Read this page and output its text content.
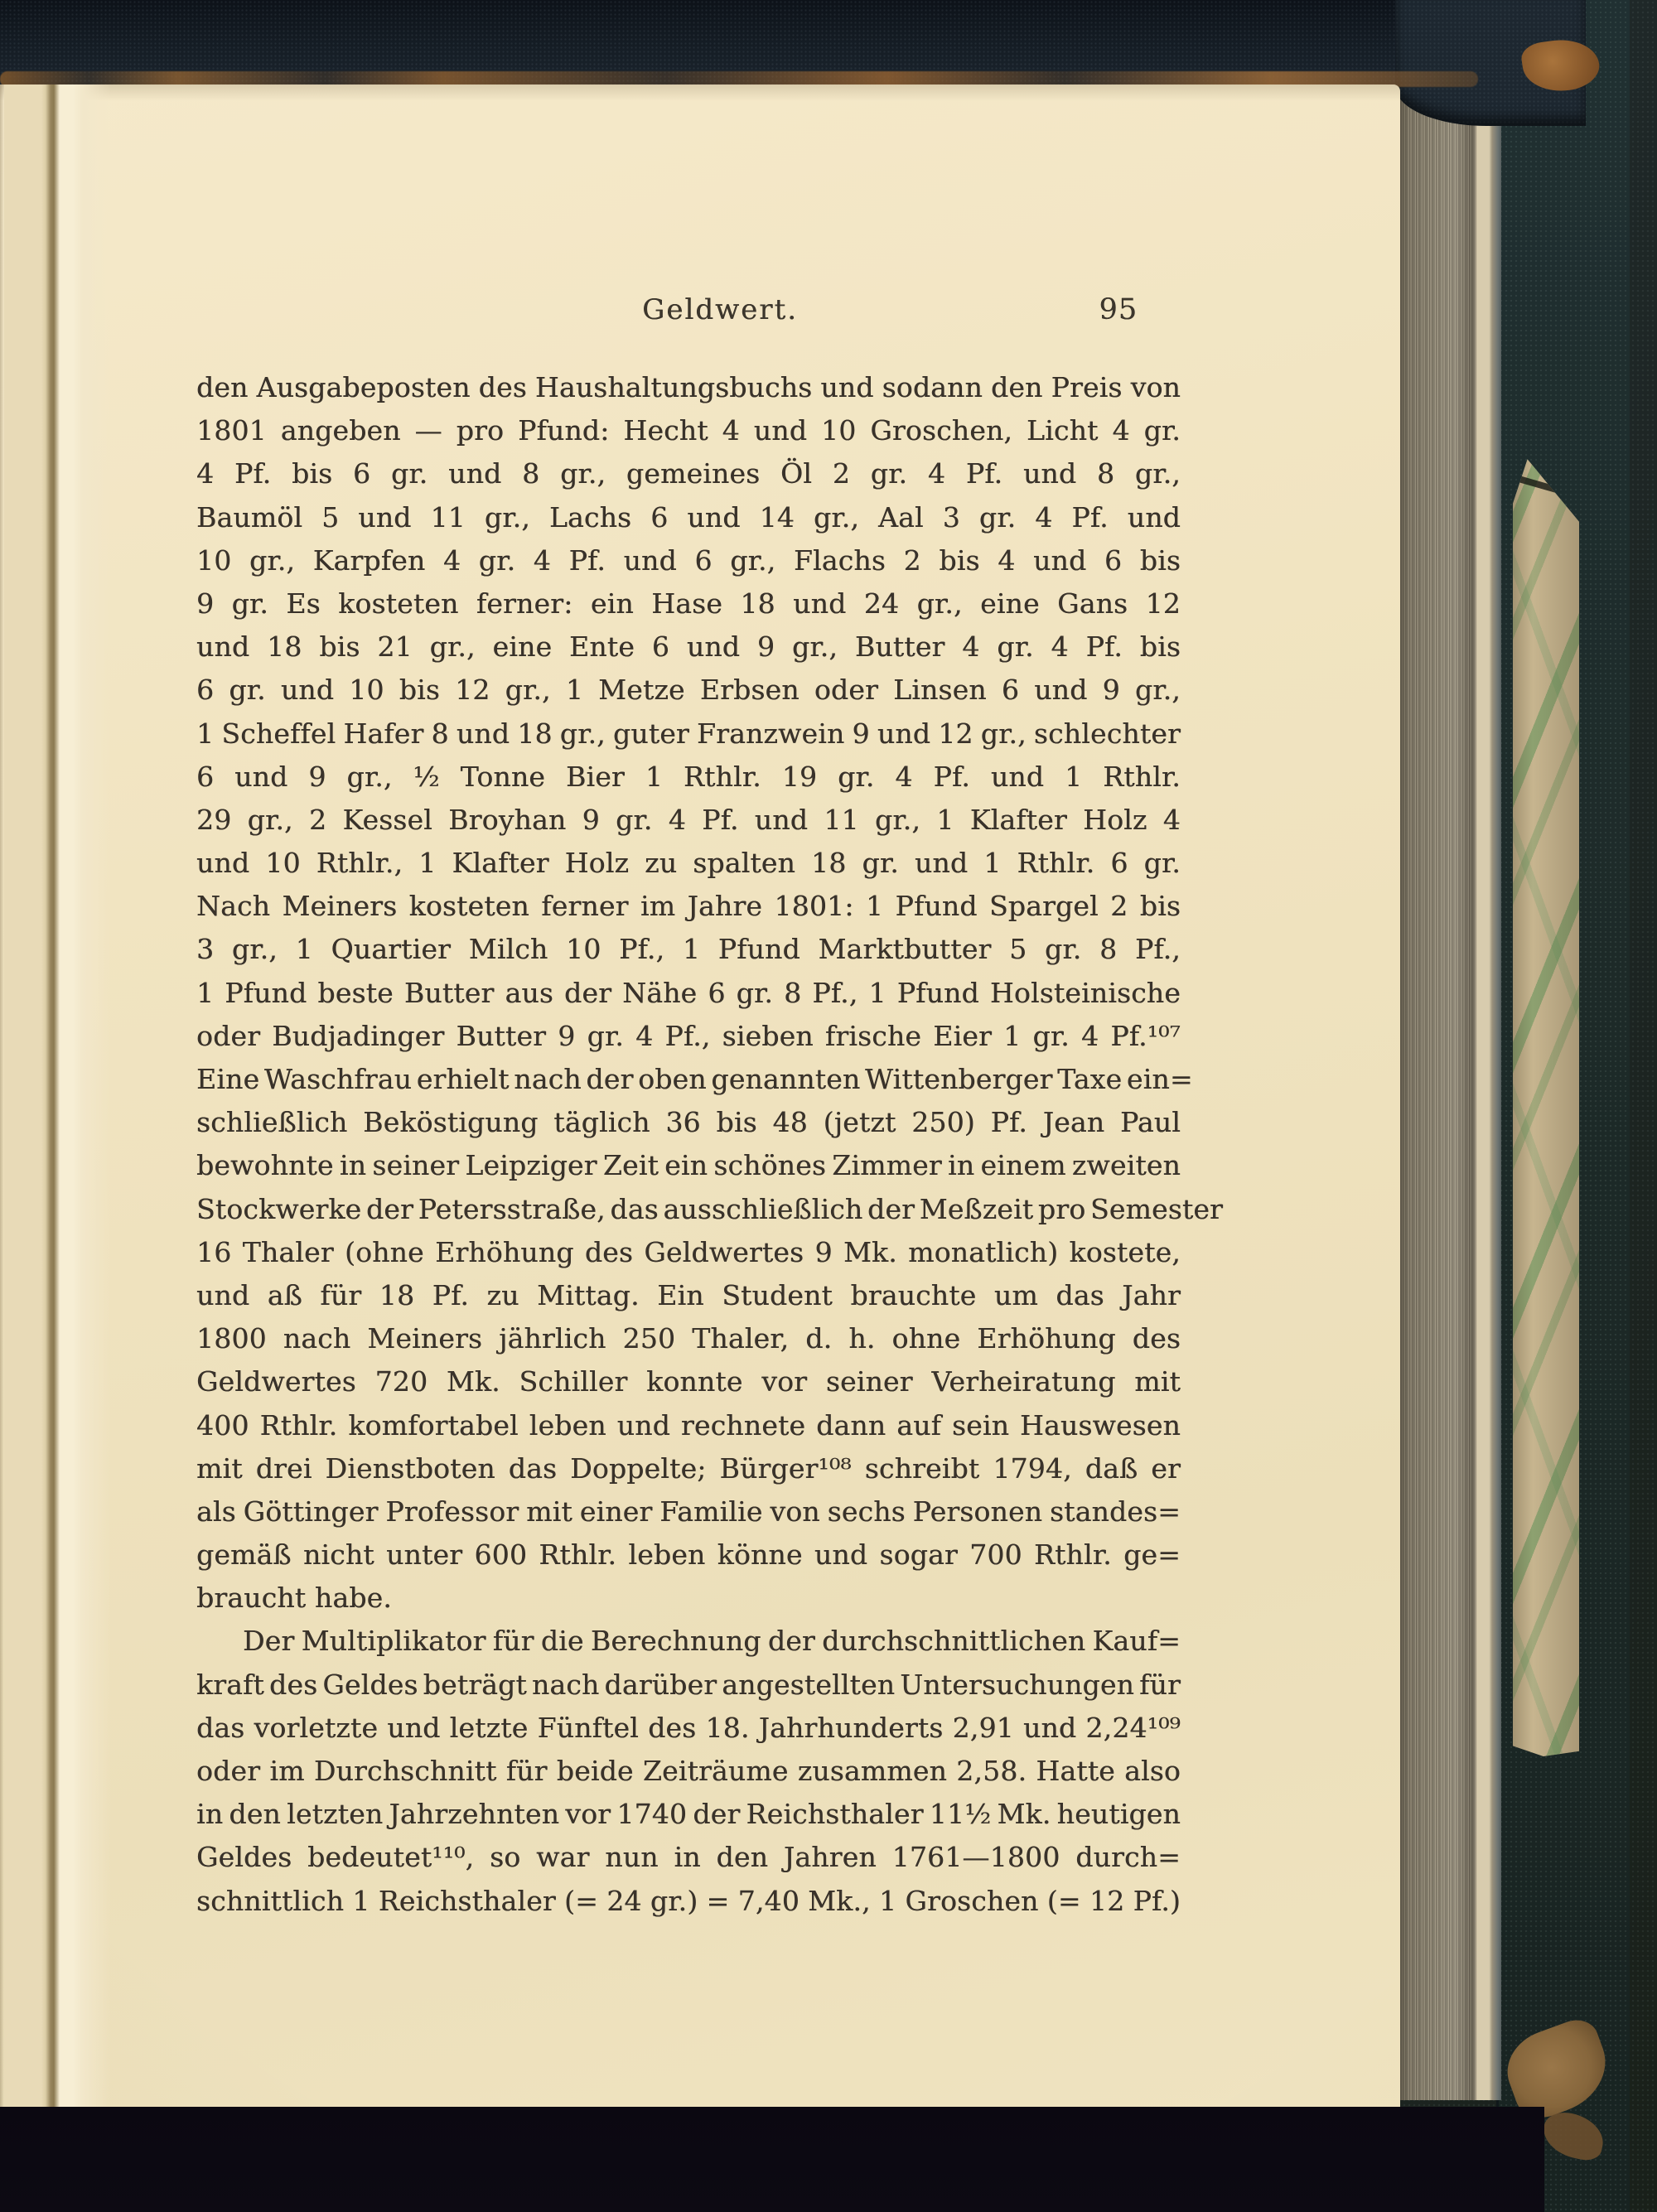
Geldwert.	95
den Ausgabeposten des Haushaltungsbuchs und sodann den Preis von
1801 angeben — pro Pfund: Hecht 4 und 10 Groschen, Licht 4 gr.
4 Pf. bis 6 gr. und 8 gr., gemeines Öl 2 gr. 4 Pf. und 8 gr.,
Baumöl 5 und 11 gr., Lachs 6 und 14 gr., Aal 3 gr. 4 Pf. und
10 gr., Karpfen 4 gr. 4 Pf. und 6 gr., Flachs 2 bis 4 und 6 bis
9 gr. Es kosteten ferner: ein Hase 18 und 24 gr., eine Gans 12
und 18 bis 21 gr., eine Ente 6 und 9 gr., Butter 4 gr. 4 Pf. bis
6 gr. und 10 bis 12 gr., 1 Metze Erbsen oder Linsen 6 und 9 gr.,
1 Scheffel Hafer 8 und 18 gr., guter Franzwein 9 und 12 gr., schlechter
6 und 9 gr., ½ Tonne Bier 1 Rthlr. 19 gr. 4 Pf. und 1 Rthlr.
29 gr., 2 Kessel Broyhan 9 gr. 4 Pf. und 11 gr., 1 Klafter Holz 4
und 10 Rthlr., 1 Klafter Holz zu spalten 18 gr. und 1 Rthlr. 6 gr.
Nach Meiners kosteten ferner im Jahre 1801: 1 Pfund Spargel 2 bis
3 gr., 1 Quartier Milch 10 Pf., 1 Pfund Marktbutter 5 gr. 8 Pf.,
1 Pfund beste Butter aus der Nähe 6 gr. 8 Pf., 1 Pfund Holsteinische
oder Budjadinger Butter 9 gr. 4 Pf., sieben frische Eier 1 gr. 4 Pf.¹⁰⁷
Eine Waschfrau erhielt nach der oben genannten Wittenberger Taxe ein=
schließlich Beköstigung täglich 36 bis 48 (jetzt 250) Pf. Jean Paul
bewohnte in seiner Leipziger Zeit ein schönes Zimmer in einem zweiten
Stockwerke der Petersstraße, das ausschließlich der Meßzeit pro Semester
16 Thaler (ohne Erhöhung des Geldwertes 9 Mk. monatlich) kostete,
und aß für 18 Pf. zu Mittag. Ein Student brauchte um das Jahr
1800 nach Meiners jährlich 250 Thaler, d. h. ohne Erhöhung des
Geldwertes 720 Mk. Schiller konnte vor seiner Verheiratung mit
400 Rthlr. komfortabel leben und rechnete dann auf sein Hauswesen
mit drei Dienstboten das Doppelte; Bürger¹⁰⁸ schreibt 1794, daß er
als Göttinger Professor mit einer Familie von sechs Personen standes=
gemäß nicht unter 600 Rthlr. leben könne und sogar 700 Rthlr. ge=
braucht habe.
Der Multiplikator für die Berechnung der durchschnittlichen Kauf=
kraft des Geldes beträgt nach darüber angestellten Untersuchungen für
das vorletzte und letzte Fünftel des 18. Jahrhunderts 2,91 und 2,24¹⁰⁹
oder im Durchschnitt für beide Zeiträume zusammen 2,58. Hatte also
in den letzten Jahrzehnten vor 1740 der Reichsthaler 11½ Mk. heutigen
Geldes bedeutet¹¹⁰, so war nun in den Jahren 1761—1800 durch=
schnittlich 1 Reichsthaler (= 24 gr.) = 7,40 Mk., 1 Groschen (= 12 Pf.)
